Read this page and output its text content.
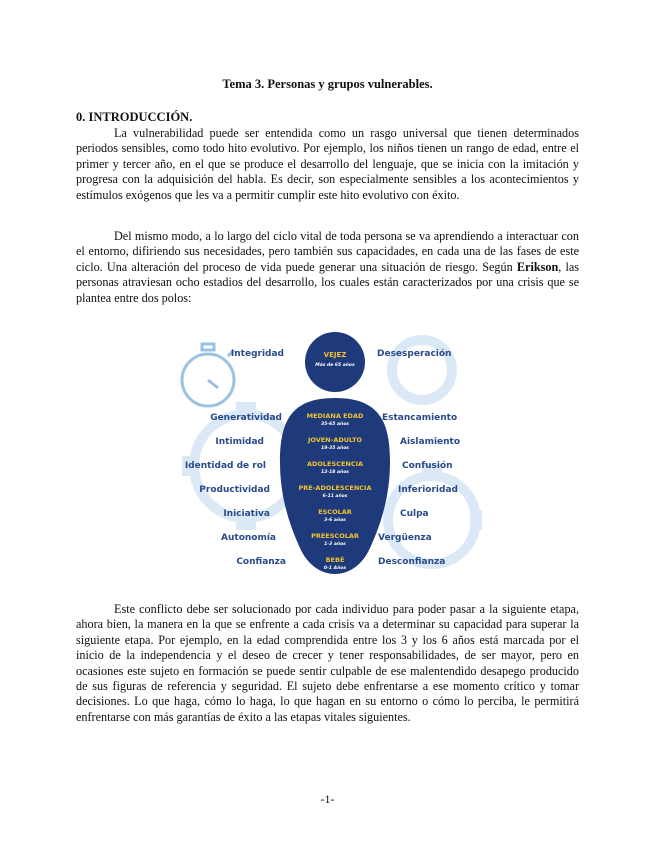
Tema 3. Personas y grupos vulnerables.
0. INTRODUCCIÓN.

La vulnerabilidad puede ser entendida como un rasgo universal que tienen determinados periodos sensibles, como todo hito evolutivo. Por ejemplo, los niños tienen un rango de edad, entre el primer y tercer año, en el que se produce el desarrollo del lenguaje, que se inicia con la imitación y progresa con la adquisición del habla. Es decir, son especialmente sensibles a los acontecimientos y estímulos exógenos que les va a permitir cumplir este hito evolutivo con éxito.

Del mismo modo, a lo largo del ciclo vital de toda persona se va aprendiendo a interactuar con el entorno, difiriendo sus necesidades, pero también sus capacidades, en cada una de las fases de este ciclo. Una alteración del proceso de vida puede generar una situación de riesgo. Según Erikson, las personas atraviesan ocho estadios del desarrollo, los cuales están caracterizados por una crisis que se plantea entre dos polos:

VEJEZ
Más de 65 años
Integridad	Desesperación
MEDIANA EDAD
35-65 años
Generatividad	Estancamiento
JOVEN-ADULTO
19-35 años
Intimidad	Aislamiento
ADOLESCENCIA
12-18 años
Identidad de rol	Confusión
PRE-ADOLESCENCIA
6-11 años
Productividad	Inferioridad
ESCOLAR
3-6 años
Iniciativa	Culpa
PREESCOLAR
1-3 años
Autonomía	Vergüenza
BEBÉ
0-1 Años
Confianza	Desconfianza

Este conflicto debe ser solucionado por cada individuo para poder pasar a la siguiente etapa, ahora bien, la manera en la que se enfrente a cada crisis va a determinar su capacidad para superar la siguiente etapa. Por ejemplo, en la edad comprendida entre los 3 y los 6 años está marcada por el inicio de la independencia y el deseo de crecer y tener responsabilidades, de ser mayor, pero en ocasiones este sujeto en formación se puede sentir culpable de ese malentendido desapego producido de sus figuras de referencia y seguridad. El sujeto debe enfrentarse a ese momento crítico y tomar decisiones. Lo que haga, cómo lo haga, lo que hagan en su entorno o cómo lo perciba, le permitirá enfrentarse con más garantías de éxito a las etapas vitales siguientes.

-1-
